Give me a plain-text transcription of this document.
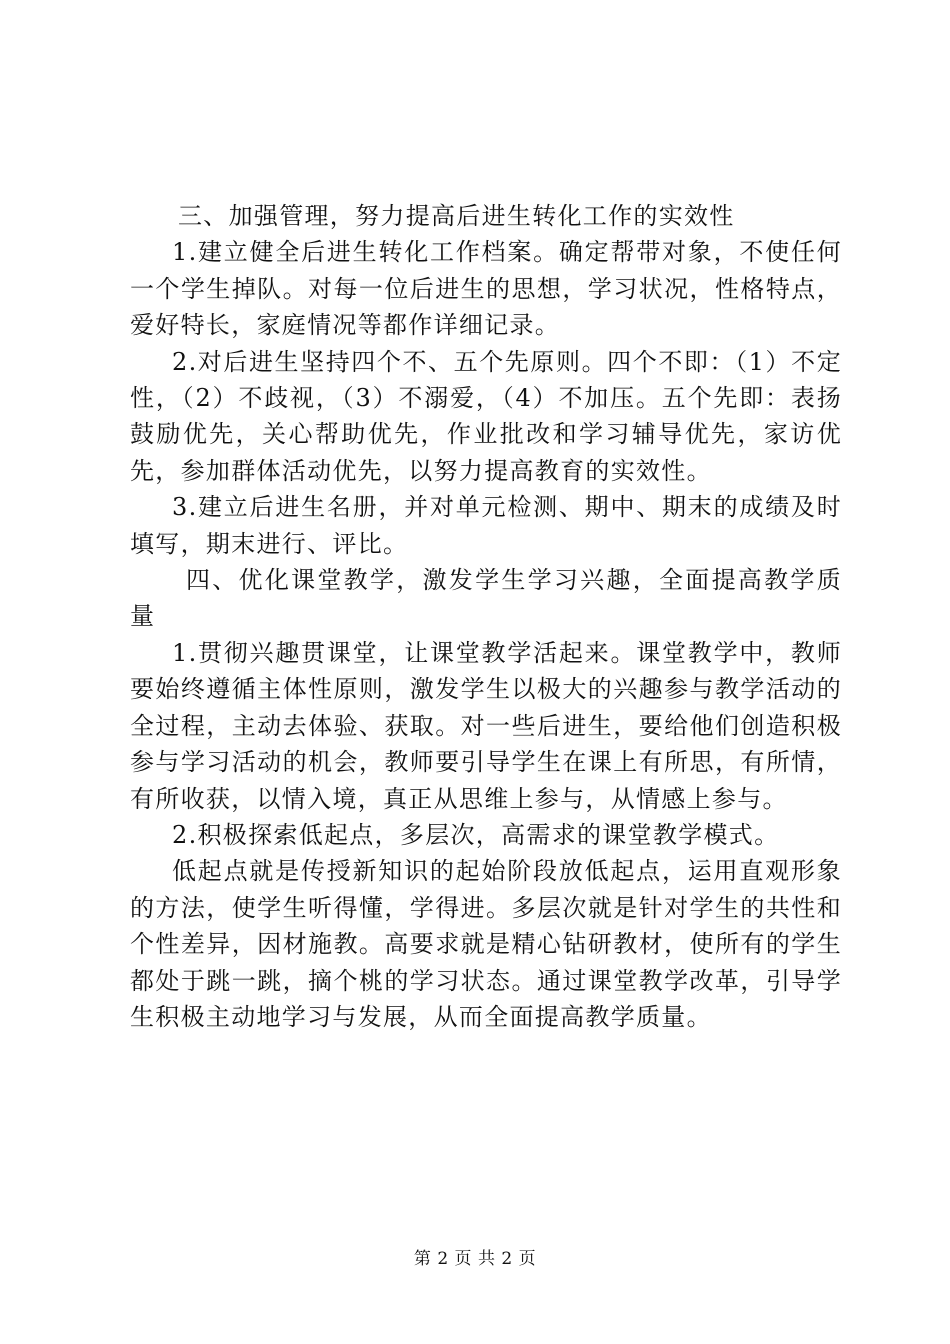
三、加强管理，努力提高后进生转化工作的实效性

1.建立健全后进生转化工作档案。确定帮带对象，不使任何一个学生掉队。对每一位后进生的思想，学习状况，性格特点，爱好特长，家庭情况等都作详细记录。

2.对后进生坚持四个不、五个先原则。四个不即：（1）不定性，（2）不歧视，（3）不溺爱，（4）不加压。五个先即：表扬鼓励优先，关心帮助优先，作业批改和学习辅导优先，家访优先，参加群体活动优先，以努力提高教育的实效性。

3.建立后进生名册，并对单元检测、期中、期末的成绩及时填写，期末进行、评比。

四、优化课堂教学，激发学生学习兴趣，全面提高教学质量

1.贯彻兴趣贯课堂，让课堂教学活起来。课堂教学中，教师要始终遵循主体性原则，激发学生以极大的兴趣参与教学活动的全过程，主动去体验、获取。对一些后进生，要给他们创造积极参与学习活动的机会，教师要引导学生在课上有所思，有所情，有所收获，以情入境，真正从思维上参与，从情感上参与。

2.积极探索低起点，多层次，高需求的课堂教学模式。

低起点就是传授新知识的起始阶段放低起点，运用直观形象的方法，使学生听得懂，学得进。多层次就是针对学生的共性和个性差异，因材施教。高要求就是精心钻研教材，使所有的学生都处于跳一跳，摘个桃的学习状态。通过课堂教学改革，引导学生积极主动地学习与发展，从而全面提高教学质量。

第 2 页 共 2 页
